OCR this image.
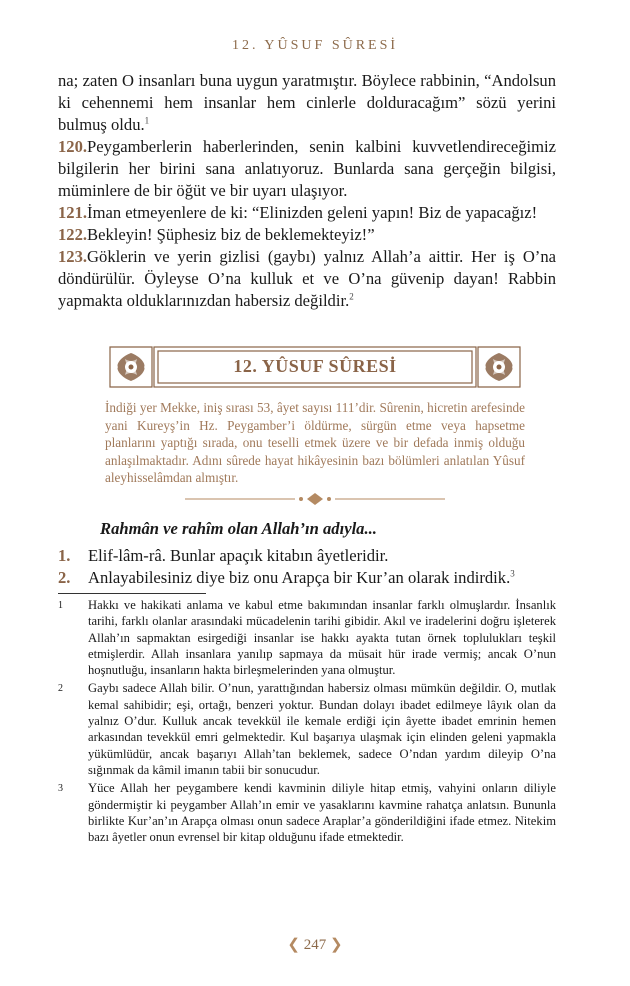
12. YÛSUF SÛRESİ

na; zaten O insanları buna uygun yaratmıştır. Böylece rabbinin, “Andolsun ki cehennemi hem insanlar hem cinlerle dolduracağım” sözü yerini bulmuş oldu.$^1$

120.Peygamberlerin haberlerinden, senin kalbini kuvvetlendireceğimiz bilgilerin her birini sana anlatıyoruz. Bunlarda sana gerçeğin bilgisi, müminlere de bir öğüt ve bir uyarı ulaşıyor.

121.İman etmeyenlere de ki: “Elinizden geleni yapın! Biz de yapacağız!

122.Bekleyin! Şüphesiz biz de beklemekteyiz!”

123.Göklerin ve yerin gizlisi (gaybı) yalnız Allah’a aittir. Her iş O’na döndürülür. Öyleyse O’na kulluk et ve O’na güvenip dayan! Rabbin yapmakta olduklarınızdan habersiz değildir.$^2$

12. YÛSUF SÛRESİ
İndiği yer Mekke, iniş sırası 53, âyet sayısı 111’dir. Sûrenin, hicretin arefesinde yani Kureyş’in Hz. Peygamber’i öldürme, sürgün etme veya hapsetme planlarını yaptığı sırada, onu teselli etmek üzere ve bir defada inmiş olduğu anlaşılmaktadır. Adını sûrede hayat hikâyesinin bazı bölümleri anlatılan Yûsuf aleyhisselâmdan almıştır.
Rahmân ve rahîm olan Allah’ın adıyla...
1.	Elif-lâm-râ. Bunlar apaçık kitabın âyetleridir.
2.	Anlayabilesiniz diye biz onu Arapça bir Kur’an olarak indirdik.$^3$
1	Hakkı ve hakikati anlama ve kabul etme bakımından insanlar farklı olmuşlardır. İnsanlık tarihi, farklı olanlar arasındaki mücadelenin tarihi gibidir. Akıl ve iradelerini doğru işleterek Allah’ın sapmaktan esirgediği insanlar ise hakkı ayakta tutan örnek toplulukları teşkil etmişlerdir. Allah insanlara yanılıp sapmaya da müsait hür irade vermiş; ancak O’nun hoşnutluğu, insanların hakta birleşmelerinden yana olmuştur.
2	Gaybı sadece Allah bilir. O’nun, yarattığından habersiz olması mümkün değildir. O, mutlak kemal sahibidir; eşi, ortağı, benzeri yoktur. Bundan dolayı ibadet edilmeye lâyık olan da yalnız O’dur. Kulluk ancak tevekkül ile kemale erdiği için âyette ibadet emrinin hemen arkasından tevekkül emri gelmektedir. Kul başarıya ulaşmak için elinden geleni yapmakla yükümlüdür, ancak başarıyı Allah’tan beklemek, sadece O’ndan yardım dileyip O’na sığınmak da kâmil imanın tabii bir sonucudur.
3	Yüce Allah her peygambere kendi kavminin diliyle hitap etmiş, vahyini onların diliyle göndermiştir ki peygamber Allah’ın emir ve yasaklarını kavmine rahatça anlatsın. Bununla birlikte Kur’an’ın Arapça olması onun sadece Araplar’a gönderildiğini ifade etmez. Nitekim bazı âyetler onun evrensel bir kitap olduğunu ifade etmektedir.
❮ 247 ❯
